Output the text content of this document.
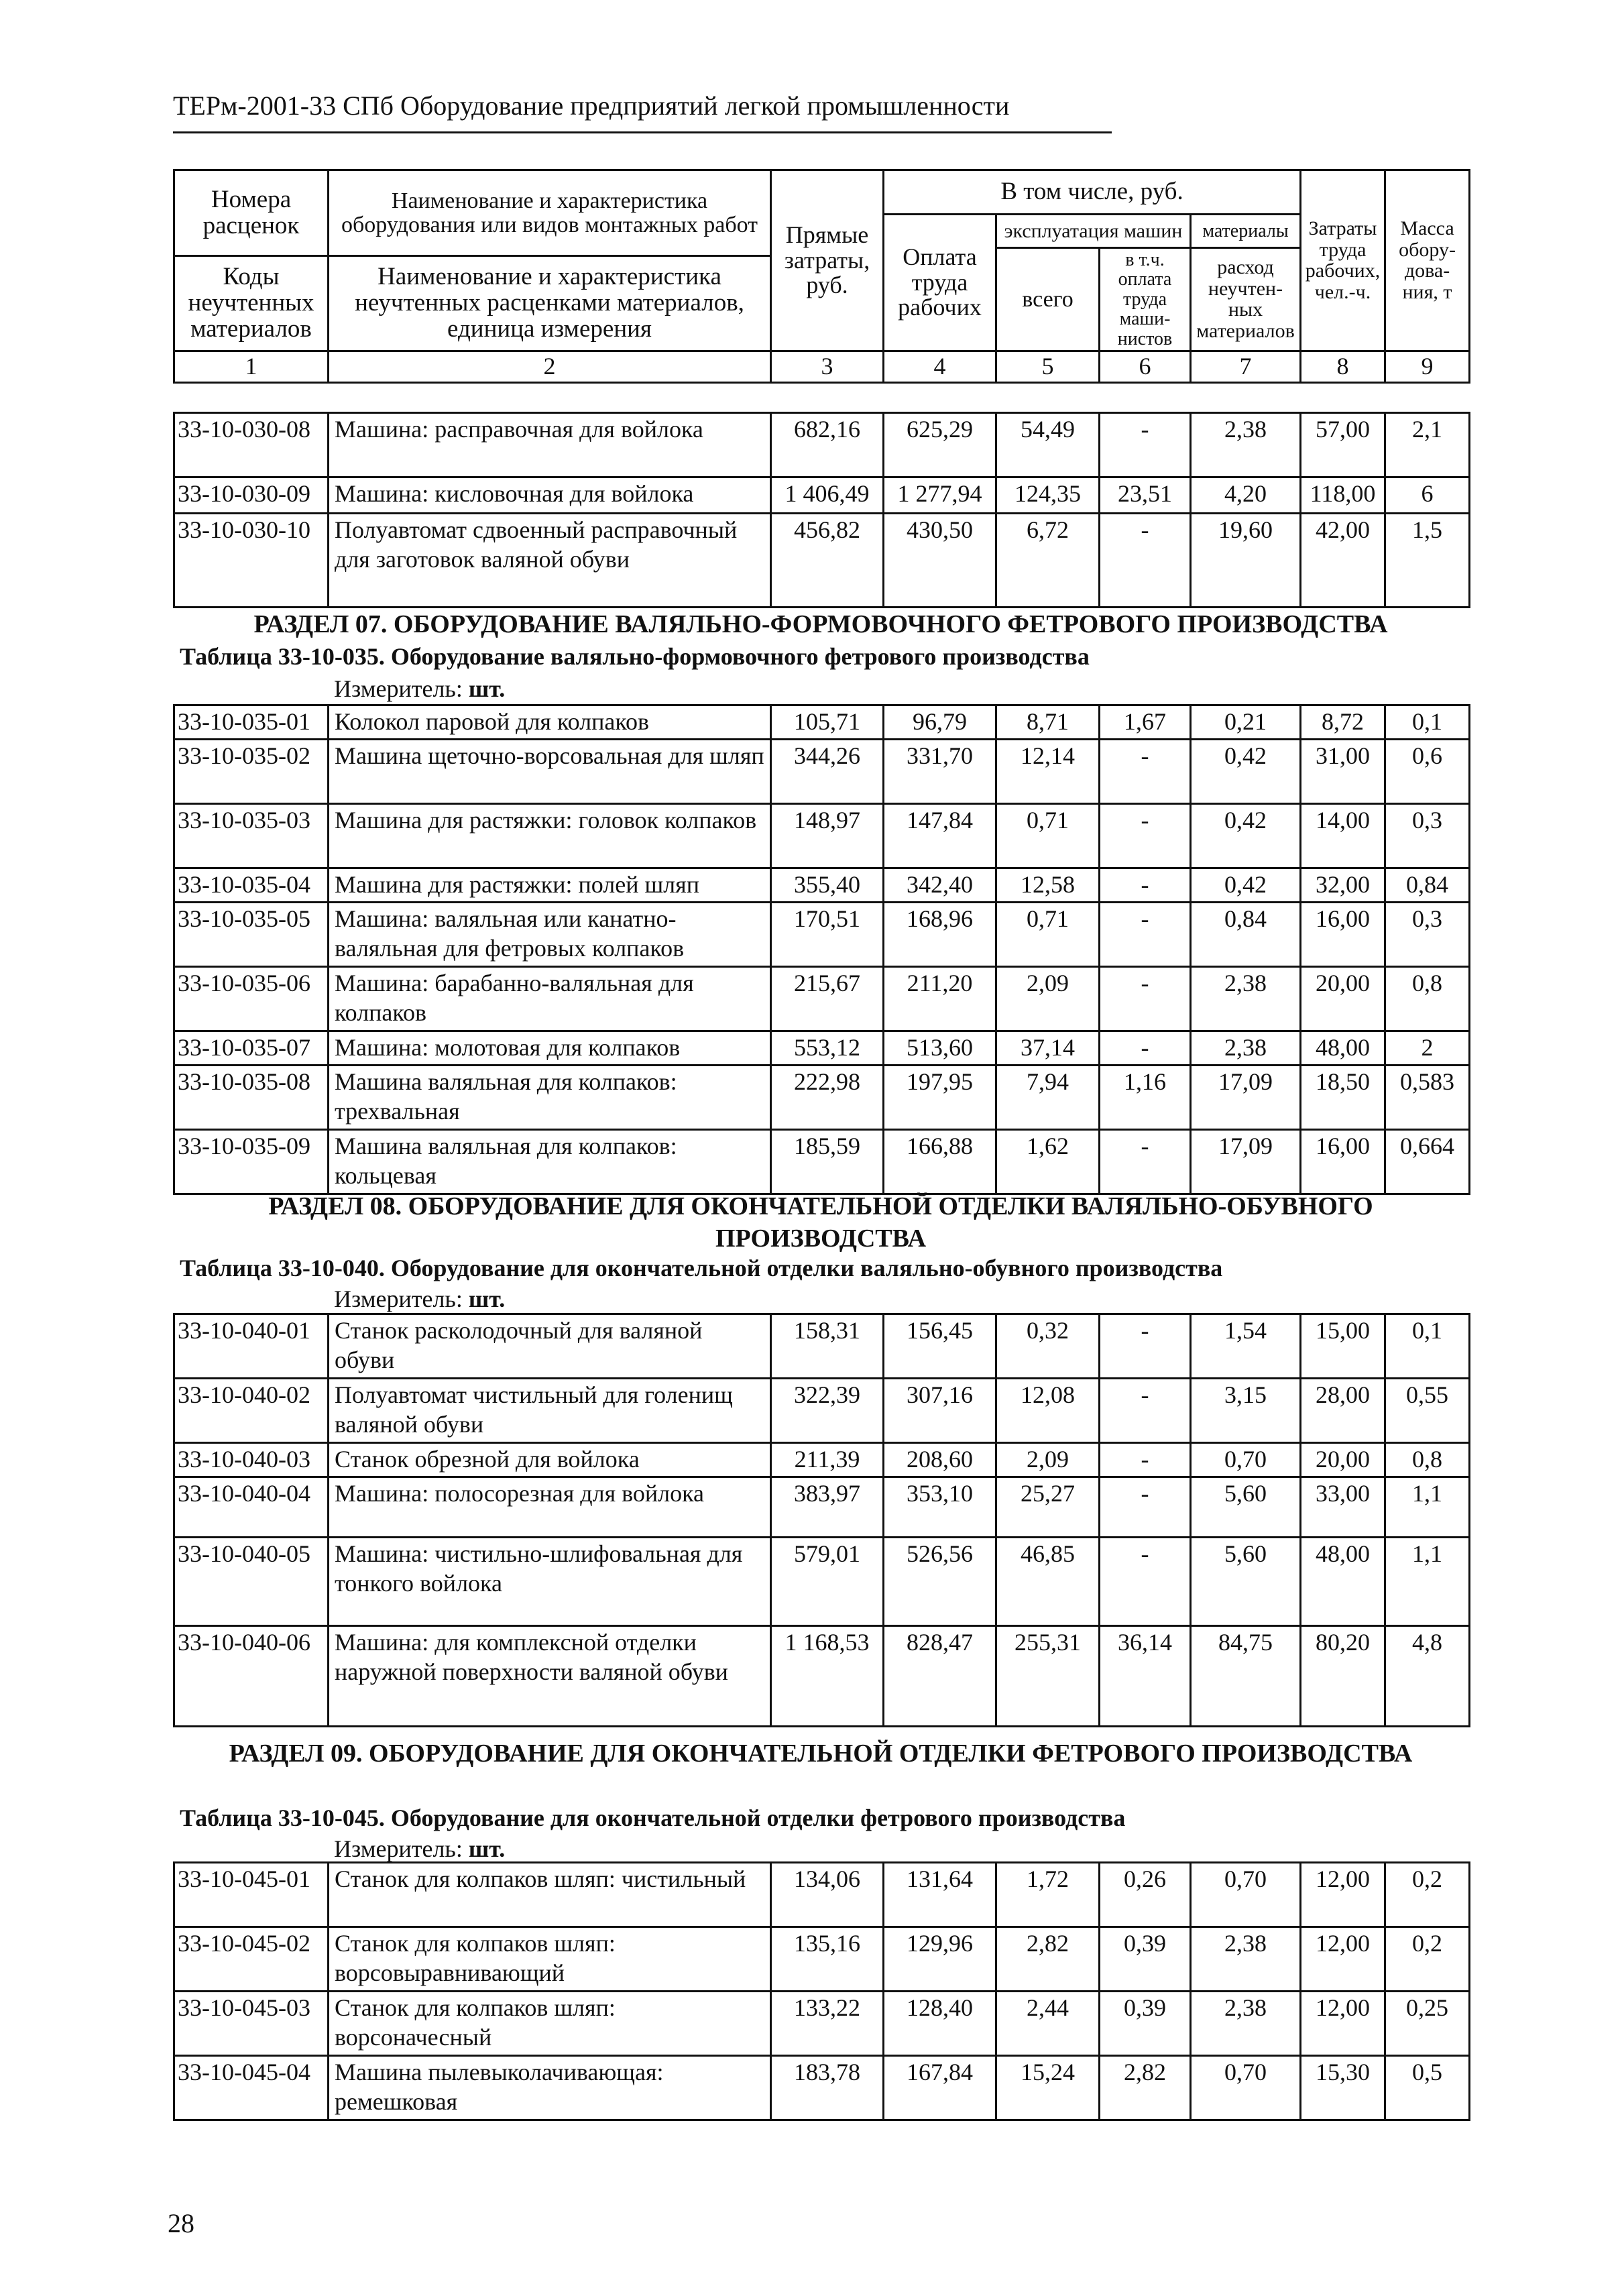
ТЕРм-2001-33 СПб Оборудование предприятий легкой промышленности
Номера расценок	Наименование и характеристика оборудования или видов монтажных работ	Прямые затраты, руб.	В том числе, руб.				Затраты труда рабочих, чел.-ч.	Масса обору-дова-ния, т
			Оплата труда рабочих	эксплуатация машин		материалы		
				всего	в т.ч. оплата труда маши-нистов	расход неучтен-ных материалов		
Коды неучтенных материалов	Наименование и характеристика неучтенных расценками материалов, единица измерения							

1	2	3	4	5	6	7	8	9
33-10-030-08	Машина: расправочная для войлока	682,16	625,29	54,49	-	2,38	57,00	2,1
33-10-030-09	Машина: кисловочная для войлока	1 406,49	1 277,94	124,35	23,51	4,20	118,00	6
33-10-030-10	Полуавтомат сдвоенный расправочный для заготовок валяной обуви	456,82	430,50	6,72	-	19,60	42,00	1,5
РАЗДЕЛ 07. ОБОРУДОВАНИЕ ВАЛЯЛЬНО-ФОРМОВОЧНОГО ФЕТРОВОГО ПРОИЗВОДСТВА
Таблица 33-10-035. Оборудование валяльно-формовочного фетрового производства
Измеритель: шт.
33-10-035-01	Колокол паровой для колпаков	105,71	96,79	8,71	1,67	0,21	8,72	0,1
33-10-035-02	Машина щеточно-ворсовальная для шляп	344,26	331,70	12,14	-	0,42	31,00	0,6
33-10-035-03	Машина для растяжки: головок колпаков	148,97	147,84	0,71	-	0,42	14,00	0,3
33-10-035-04	Машина для растяжки: полей шляп	355,40	342,40	12,58	-	0,42	32,00	0,84
33-10-035-05	Машина: валяльная или канатно-валяльная для фетровых колпаков	170,51	168,96	0,71	-	0,84	16,00	0,3
33-10-035-06	Машина: барабанно-валяльная для колпаков	215,67	211,20	2,09	-	2,38	20,00	0,8
33-10-035-07	Машина: молотовая для колпаков	553,12	513,60	37,14	-	2,38	48,00	2
33-10-035-08	Машина валяльная для колпаков: трехвальная	222,98	197,95	7,94	1,16	17,09	18,50	0,583
33-10-035-09	Машина валяльная для колпаков: кольцевая	185,59	166,88	1,62	-	17,09	16,00	0,664
РАЗДЕЛ 08. ОБОРУДОВАНИЕ ДЛЯ ОКОНЧАТЕЛЬНОЙ ОТДЕЛКИ ВАЛЯЛЬНО-ОБУВНОГО
ПРОИЗВОДСТВА
Таблица 33-10-040. Оборудование для окончательной отделки валяльно-обувного производства
Измеритель: шт.
33-10-040-01	Станок расколодочный для валяной обуви	158,31	156,45	0,32	-	1,54	15,00	0,1
33-10-040-02	Полуавтомат чистильный для голенищ валяной обуви	322,39	307,16	12,08	-	3,15	28,00	0,55
33-10-040-03	Станок обрезной для войлока	211,39	208,60	2,09	-	0,70	20,00	0,8
33-10-040-04	Машина: полосорезная для войлока	383,97	353,10	25,27	-	5,60	33,00	1,1
33-10-040-05	Машина: чистильно-шлифовальная для тонкого войлока	579,01	526,56	46,85	-	5,60	48,00	1,1
33-10-040-06	Машина: для комплексной отделки наружной поверхности валяной обуви	1 168,53	828,47	255,31	36,14	84,75	80,20	4,8
РАЗДЕЛ 09. ОБОРУДОВАНИЕ ДЛЯ ОКОНЧАТЕЛЬНОЙ ОТДЕЛКИ ФЕТРОВОГО ПРОИЗВОДСТВА
Таблица 33-10-045. Оборудование для окончательной отделки фетрового производства
Измеритель: шт.
33-10-045-01	Станок для колпаков шляп: чистильный	134,06	131,64	1,72	0,26	0,70	12,00	0,2
33-10-045-02	Станок для колпаков шляп: ворсовыравнивающий	135,16	129,96	2,82	0,39	2,38	12,00	0,2
33-10-045-03	Станок для колпаков шляп: ворсоначесный	133,22	128,40	2,44	0,39	2,38	12,00	0,25
33-10-045-04	Машина пылевыколачивающая: ремешковая	183,78	167,84	15,24	2,82	0,70	15,30	0,5
28
